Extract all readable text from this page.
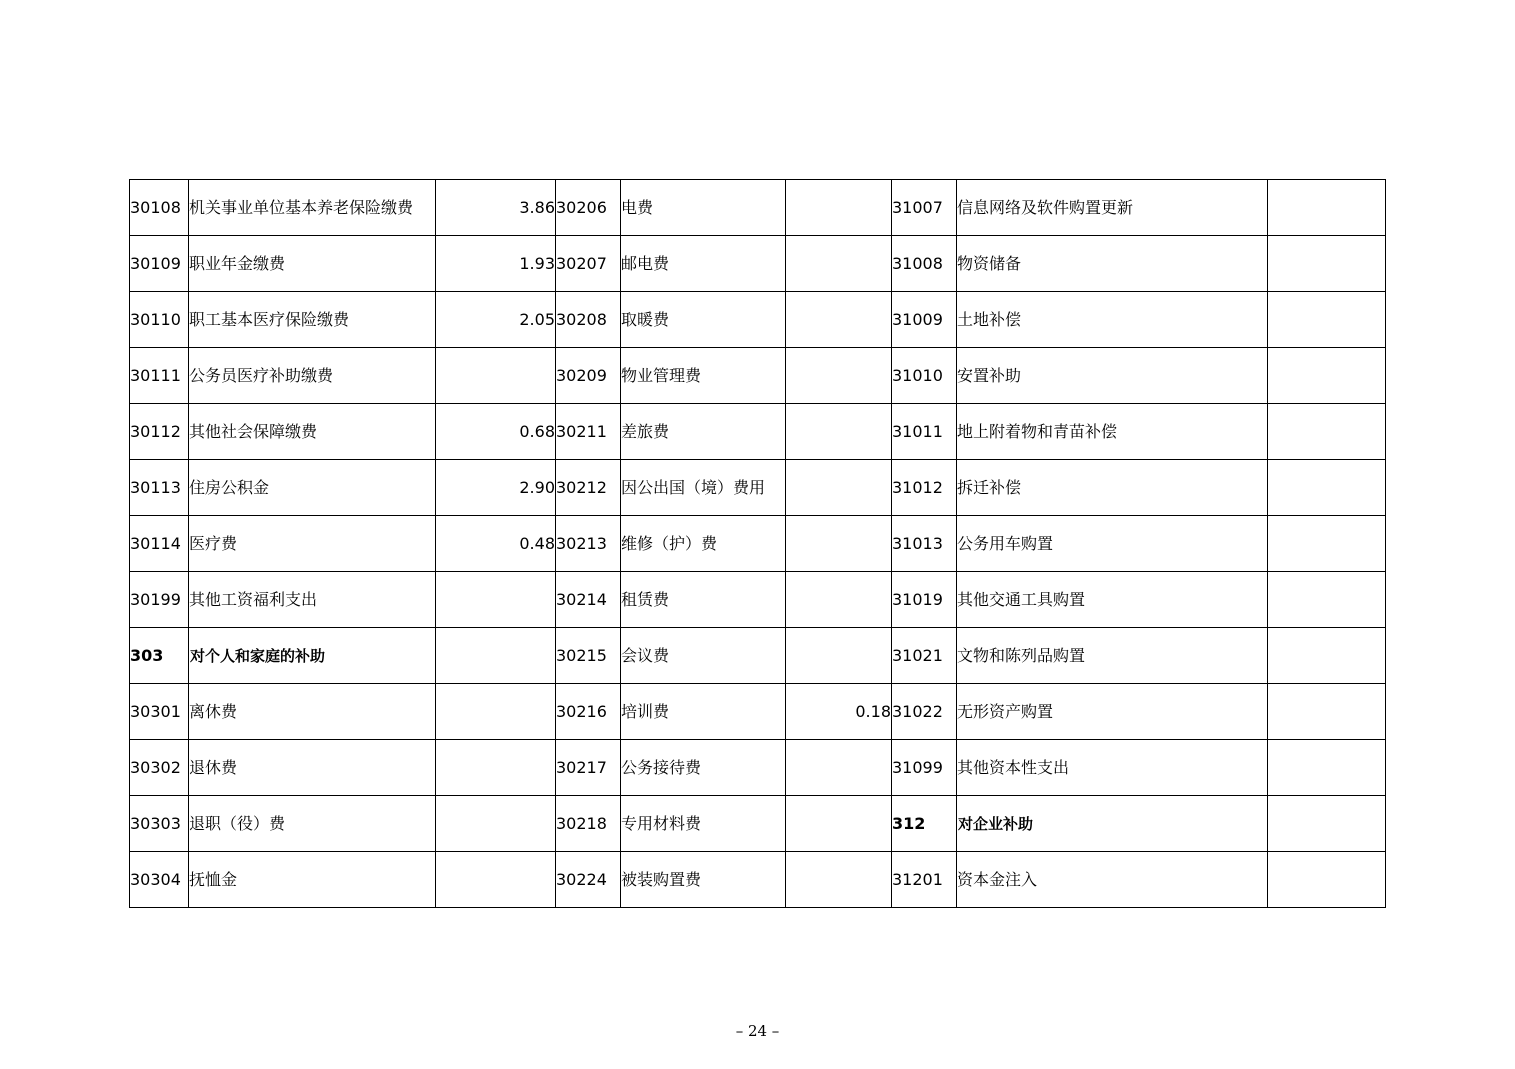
30108	机关事业单位基本养老保险缴费	3.86	30206	电费		31007	信息网络及软件购置更新	
30109	职业年金缴费	1.93	30207	邮电费		31008	物资储备	
30110	职工基本医疗保险缴费	2.05	30208	取暖费		31009	土地补偿	
30111	公务员医疗补助缴费		30209	物业管理费		31010	安置补助	
30112	其他社会保障缴费	0.68	30211	差旅费		31011	地上附着物和青苗补偿	
30113	住房公积金	2.90	30212	因公出国（境）费用		31012	拆迁补偿	
30114	医疗费	0.48	30213	维修（护）费		31013	公务用车购置	
30199	其他工资福利支出		30214	租赁费		31019	其他交通工具购置	
303	对个人和家庭的补助		30215	会议费		31021	文物和陈列品购置	
30301	离休费		30216	培训费	0.18	31022	无形资产购置	
30302	退休费		30217	公务接待费		31099	其他资本性支出	
30303	退职（役）费		30218	专用材料费		312	对企业补助	
30304	抚恤金		30224	被装购置费		31201	资本金注入	
– 24 –
